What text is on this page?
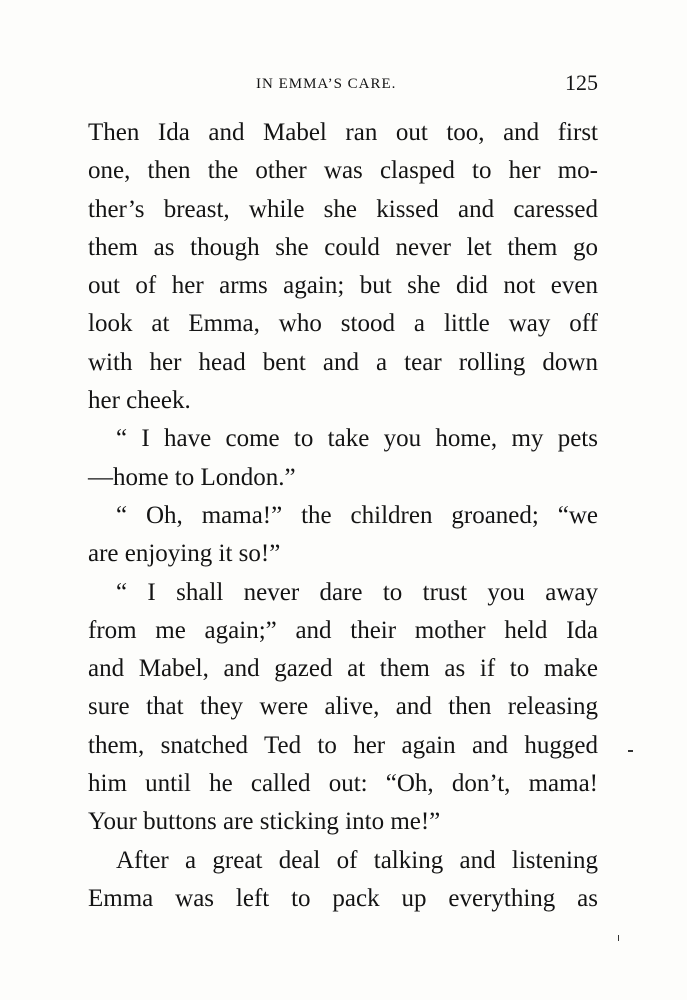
IN EMMA’S CARE.	125
Then Ida and Mabel ran out too, and first
one, then the other was clasped to her mo-
ther’s breast, while she kissed and caressed
them as though she could never let them go
out of her arms again; but she did not even
look at Emma, who stood a little way off
with her head bent and a tear rolling down
her cheek.
“ I have come to take you home, my pets
—home to London.”
“ Oh, mama!” the children groaned; “we
are enjoying it so!”
“ I shall never dare to trust you away
from me again;” and their mother held Ida
and Mabel, and gazed at them as if to make
sure that they were alive, and then releasing
them, snatched Ted to her again and hugged
him until he called out: “Oh, don’t, mama!
Your buttons are sticking into me!”
After a great deal of talking and listening
Emma was left to pack up everything as
